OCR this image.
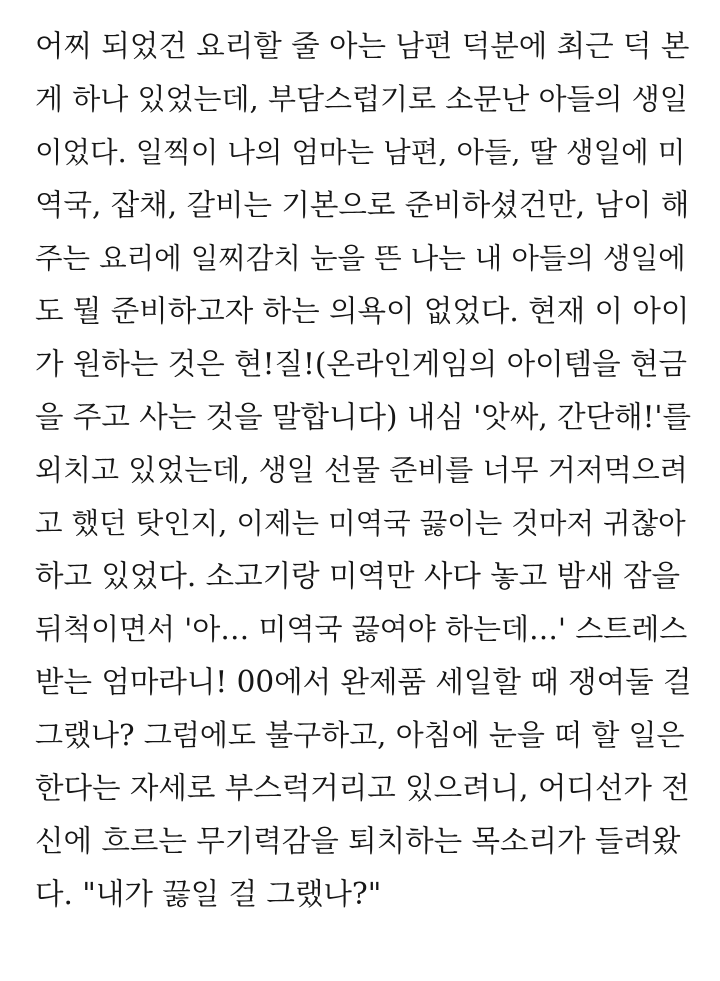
어찌 되었건 요리할 줄 아는 남편 덕분에 최근 덕 본
게 하나 있었는데, 부담스럽기로 소문난 아들의 생일
이었다. 일찍이 나의 엄마는 남편, 아들, 딸 생일에 미
역국, 잡채, 갈비는 기본으로 준비하셨건만, 남이 해
주는 요리에 일찌감치 눈을 뜬 나는 내 아들의 생일에
도 뭘 준비하고자 하는 의욕이 없었다. 현재 이 아이
가 원하는 것은 현!질!(온라인게임의 아이템을 현금
을 주고 사는 것을 말합니다) 내심 '앗싸, 간단해!'를
외치고 있었는데, 생일 선물 준비를 너무 거저먹으려
고 했던 탓인지, 이제는 미역국 끓이는 것마저 귀찮아
하고 있었다. 소고기랑 미역만 사다 놓고 밤새 잠을
뒤척이면서 '아… 미역국 끓여야 하는데…' 스트레스
받는 엄마라니! 00에서 완제품 세일할 때 쟁여둘 걸
그랬나? 그럼에도 불구하고, 아침에 눈을 떠 할 일은
한다는 자세로 부스럭거리고 있으려니, 어디선가 전
신에 흐르는 무기력감을 퇴치하는 목소리가 들려왔
다. "내가 끓일 걸 그랬나?"
